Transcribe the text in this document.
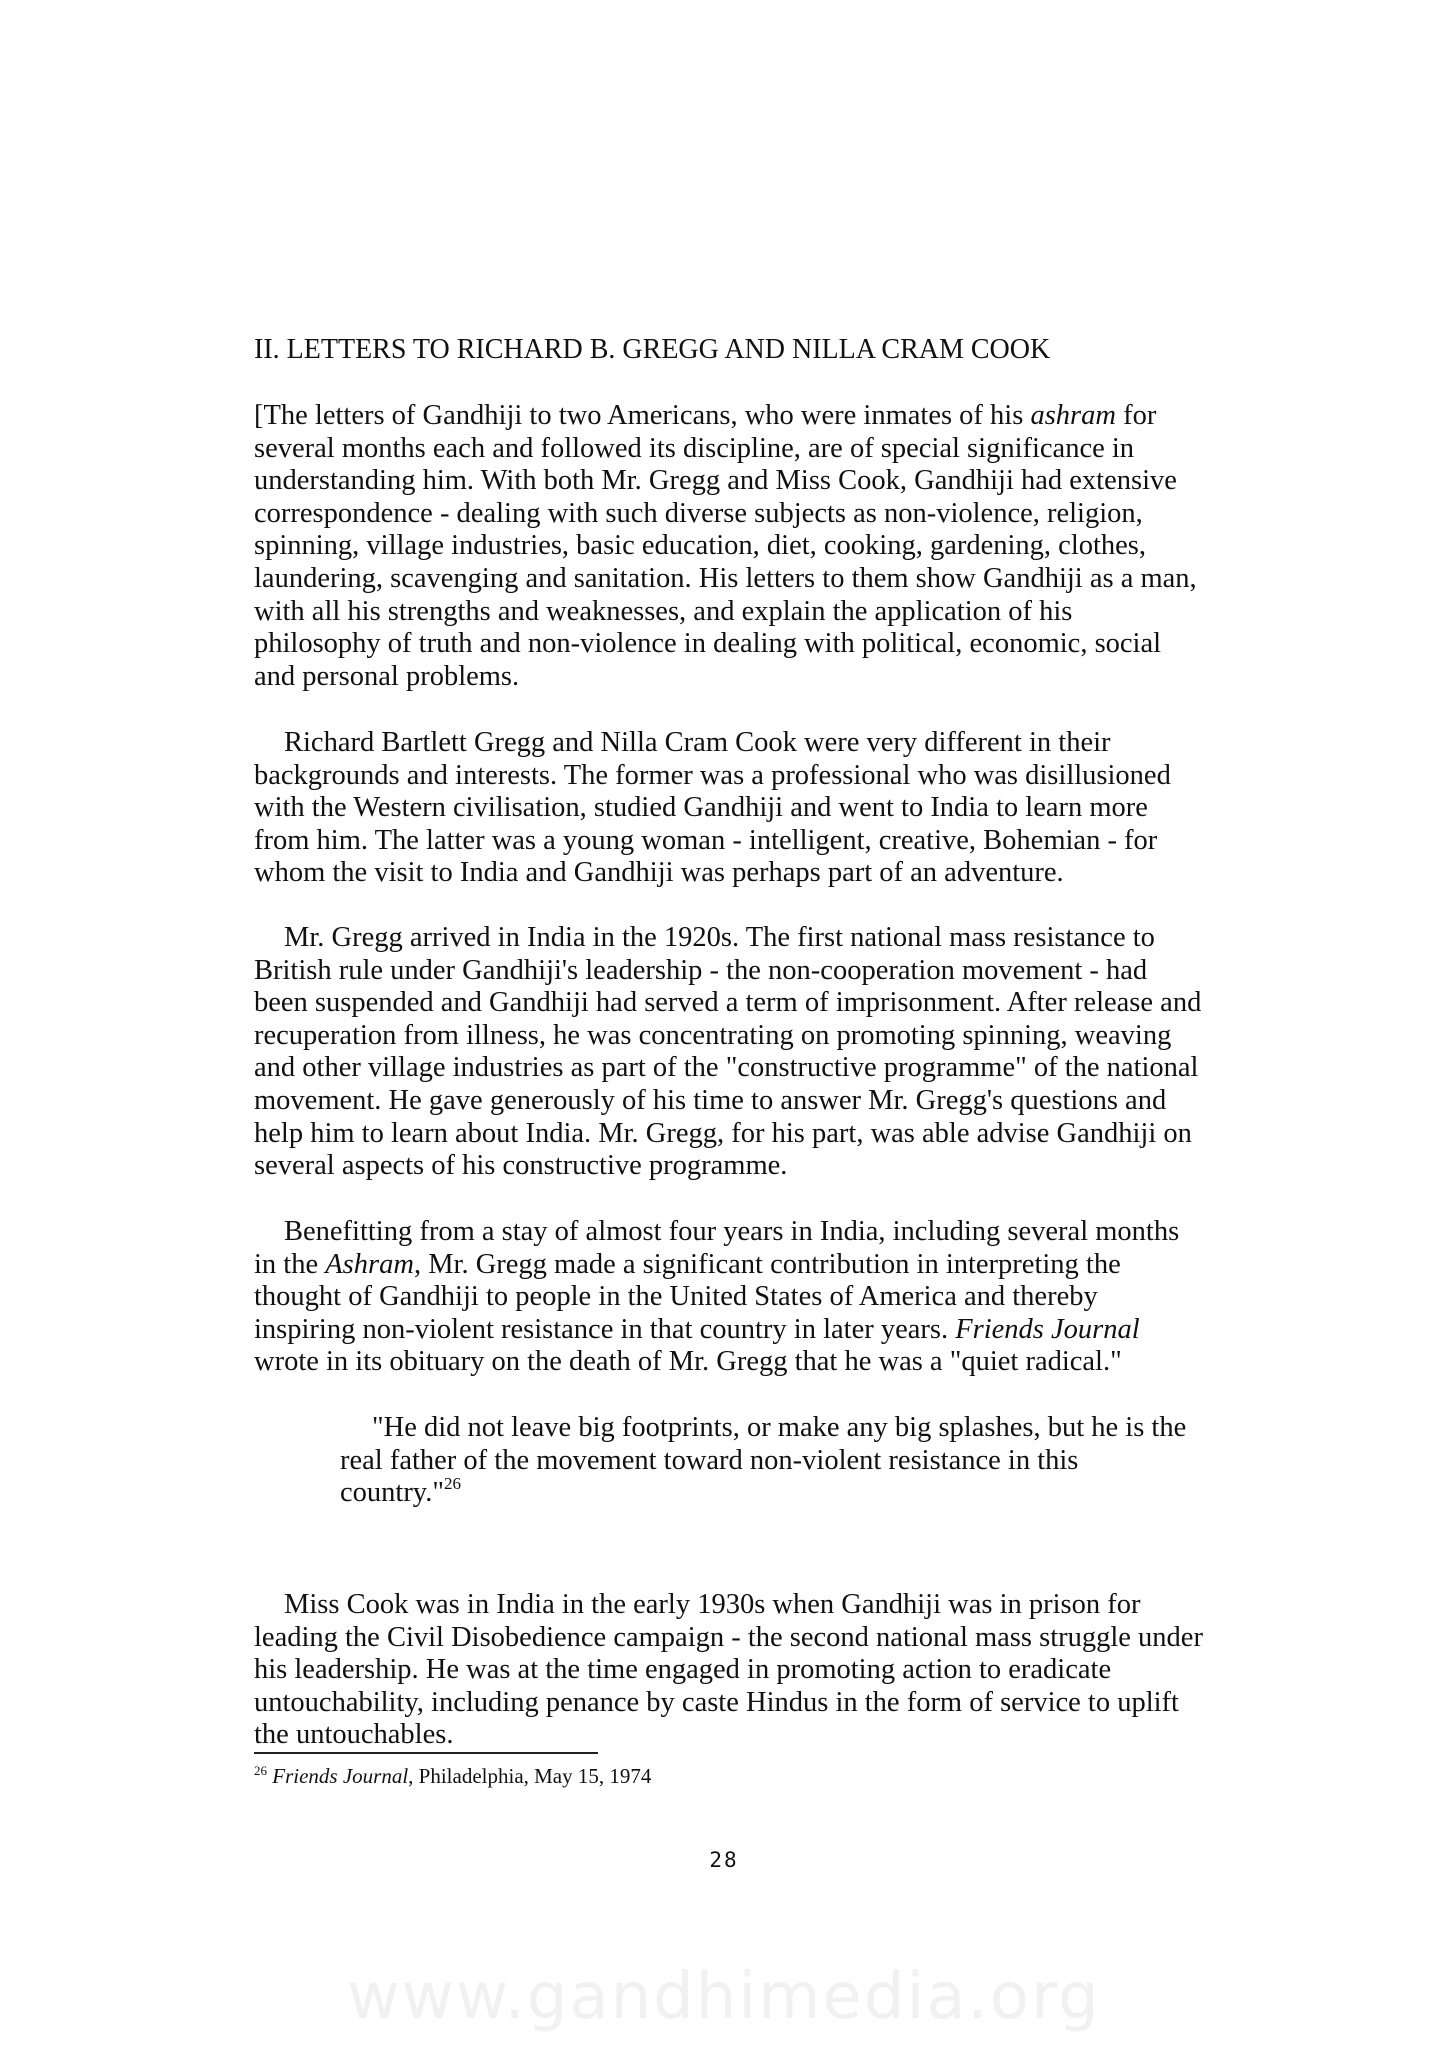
II. LETTERS TO RICHARD B. GREGG AND NILLA CRAM COOK

[The letters of Gandhiji to two Americans, who were inmates of his ashram for several months each and followed its discipline, are of special significance in understanding him. With both Mr. Gregg and Miss Cook, Gandhiji had extensive correspondence - dealing with such diverse subjects as non-violence, religion, spinning, village industries, basic education, diet, cooking, gardening, clothes, laundering, scavenging and sanitation. His letters to them show Gandhiji as a man, with all his strengths and weaknesses, and explain the application of his philosophy of truth and non-violence in dealing with political, economic, social and personal problems.

Richard Bartlett Gregg and Nilla Cram Cook were very different in their backgrounds and interests. The former was a professional who was disillusioned with the Western civilisation, studied Gandhiji and went to India to learn more from him. The latter was a young woman - intelligent, creative, Bohemian - for whom the visit to India and Gandhiji was perhaps part of an adventure.

Mr. Gregg arrived in India in the 1920s. The first national mass resistance to British rule under Gandhiji's leadership - the non-cooperation movement - had been suspended and Gandhiji had served a term of imprisonment. After release and recuperation from illness, he was concentrating on promoting spinning, weaving and other village industries as part of the "constructive programme" of the national movement. He gave generously of his time to answer Mr. Gregg's questions and help him to learn about India. Mr. Gregg, for his part, was able advise Gandhiji on several aspects of his constructive programme.

Benefitting from a stay of almost four years in India, including several months in the Ashram, Mr. Gregg made a significant contribution in interpreting the thought of Gandhiji to people in the United States of America and thereby inspiring non-violent resistance in that country in later years. Friends Journal wrote in its obituary on the death of Mr. Gregg that he was a "quiet radical."

"He did not leave big footprints, or make any big splashes, but he is the real father of the movement toward non-violent resistance in this country."$^{26}$

Miss Cook was in India in the early 1930s when Gandhiji was in prison for leading the Civil Disobedience campaign - the second national mass struggle under his leadership. He was at the time engaged in promoting action to eradicate untouchability, including penance by caste Hindus in the form of service to uplift the untouchables.

$^{26}$ Friends Journal, Philadelphia, May 15, 1974
28
www.gandhimedia.org
